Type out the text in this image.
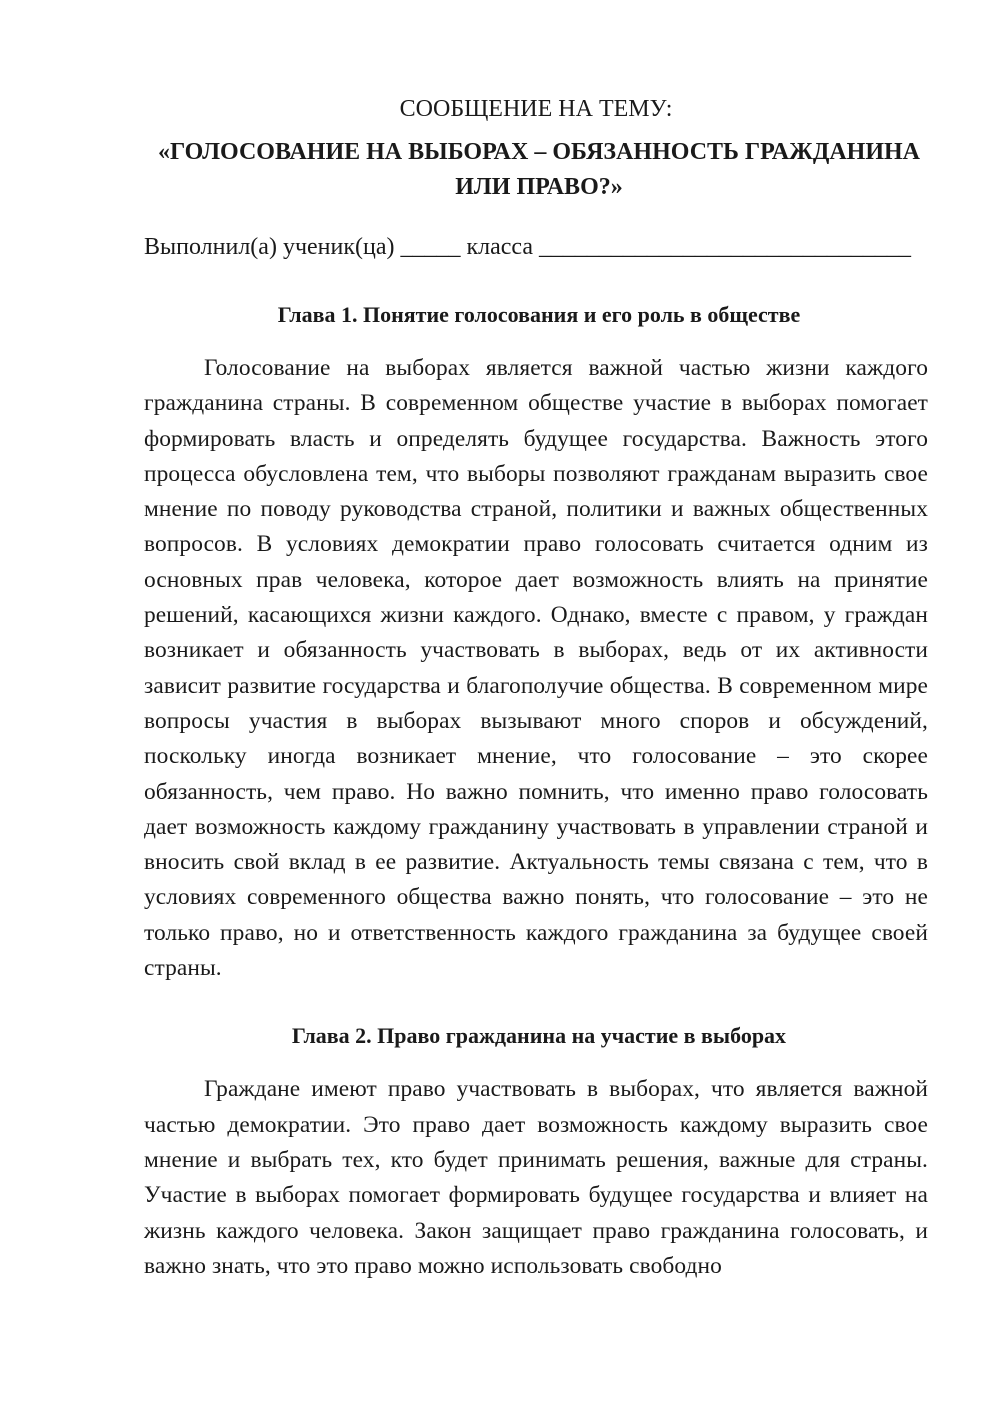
СООБЩЕНИЕ НА ТЕМУ:

«ГОЛОСОВАНИЕ НА ВЫБОРАХ – ОБЯЗАННОСТЬ ГРАЖДАНИНА
ИЛИ ПРАВО?»

Выполнил(а) ученик(ца) _____ класса _______________________________

Глава 1. Понятие голосования и его роль в обществе

Голосование на выборах является важной частью жизни каждого гражданина страны. В современном обществе участие в выборах помогает формировать власть и определять будущее государства. Важность этого процесса обусловлена тем, что выборы позволяют гражданам выразить свое мнение по поводу руководства страной, политики и важных общественных вопросов. В условиях демократии право голосовать считается одним из основных прав человека, которое дает возможность влиять на принятие решений, касающихся жизни каждого. Однако, вместе с правом, у граждан возникает и обязанность участвовать в выборах, ведь от их активности зависит развитие государства и благополучие общества. В современном мире вопросы участия в выборах вызывают много споров и обсуждений, поскольку иногда возникает мнение, что голосование – это скорее обязанность, чем право. Но важно помнить, что именно право голосовать дает возможность каждому гражданину участвовать в управлении страной и вносить свой вклад в ее развитие. Актуальность темы связана с тем, что в условиях современного общества важно понять, что голосование – это не только право, но и ответственность каждого гражданина за будущее своей страны.

Глава 2. Право гражданина на участие в выборах

Граждане имеют право участвовать в выборах, что является важной частью демократии. Это право дает возможность каждому выразить свое мнение и выбрать тех, кто будет принимать решения, важные для страны. Участие в выборах помогает формировать будущее государства и влияет на жизнь каждого человека. Закон защищает право гражданина голосовать, и важно знать, что это право можно использовать свободно
